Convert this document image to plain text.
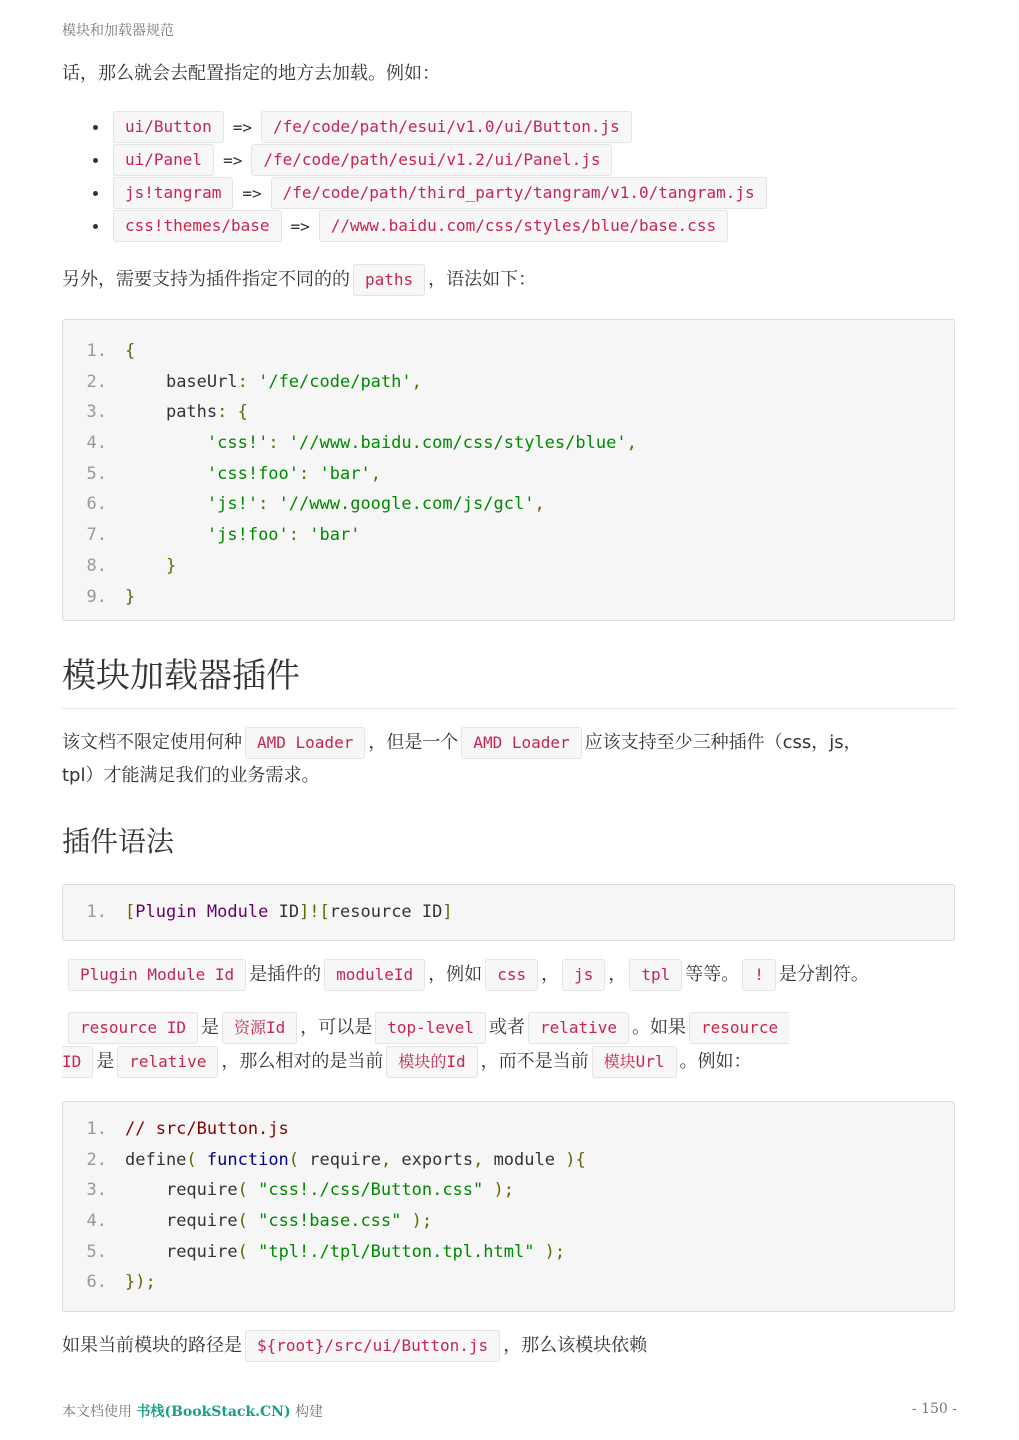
模块和加载器规范
话，那么就会去配置指定的地方去加载。例如：
• ui/Button => /fe/code/path/esui/v1.0/ui/Button.js
• ui/Panel => /fe/code/path/esui/v1.2/ui/Panel.js
• js!tangram => /fe/code/path/third_party/tangram/v1.0/tangram.js
• css!themes/base => //www.baidu.com/css/styles/blue/base.css
另外，需要支持为插件指定不同的的 paths ，语法如下：
1. {
2.	baseUrl: '/fe/code/path',
3.	paths: {
4.	'css!': '//www.baidu.com/css/styles/blue',
5.	'css!foo': 'bar',
6.	'js!': '//www.google.com/js/gcl',
7.	'js!foo': 'bar'
8.	}
9. }
模块加载器插件
该文档不限定使用何种 AMD Loader ，但是一个 AMD Loader 应该支持至少三种插件（css，js，
tpl）才能满足我们的业务需求。
插件语法
1. [Plugin Module ID]![resource ID]
Plugin Module Id 是插件的 moduleId ，例如 css ， js ， tpl 等等。 ! 是分割符。
resource ID 是 资源Id ，可以是 top-level 或者 relative 。如果 resource
ID 是 relative ，那么相对的是当前 模块的Id ，而不是当前 模块Url 。例如：
1. // src/Button.js
2. define( function( require, exports, module ){
3.	require( "css!./css/Button.css" );
4.	require( "css!base.css" );
5.	require( "tpl!./tpl/Button.tpl.html" );
6. });
如果当前模块的路径是 ${root}/src/ui/Button.js ，那么该模块依赖
本文档使用 书栈(BookStack.CN) 构建	- 150 -
